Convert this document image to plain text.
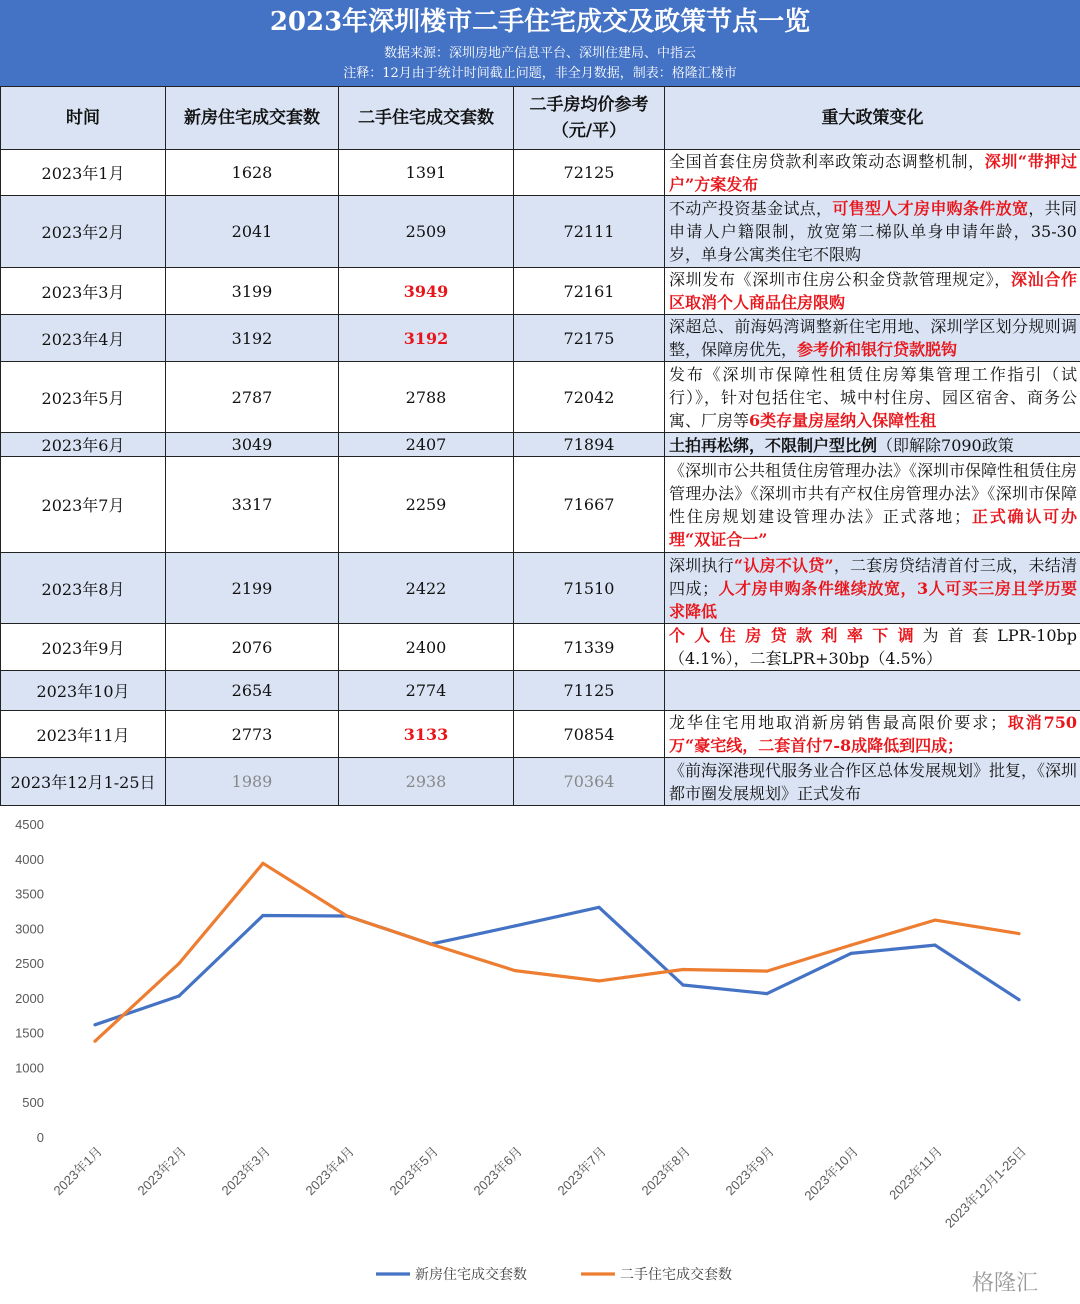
2023年深圳楼市二手住宅成交及政策节点一览
数据来源：深圳房地产信息平台、深圳住建局、中指云
注释：12月由于统计时间截止问题，非全月数据，制表：格隆汇楼市
时间	新房住宅成交套数	二手住宅成交套数	二手房均价参考（元/平）	重大政策变化
2023年1月	1628	1391	72125	全国首套住房贷款利率政策动态调整机制，深圳“带押过户”方案发布

2023年2月	2041	2509	72111	不动产投资基金试点，可售型人才房申购条件放宽，共同申请人户籍限制，放宽第二梯队单身申请年龄，35-30岁，单身公寓类住宅不限购

2023年3月	3199	3949	72161	深圳发布《深圳市住房公积金贷款管理规定》，深汕合作区取消个人商品住房限购

2023年4月	3192	3192	72175	深超总、前海妈湾调整新住宅用地、深圳学区划分规则调整，保障房优先，参考价和银行贷款脱钩

2023年5月	2787	2788	72042	发布《深圳市保障性租赁住房筹集管理工作指引（试行）》，针对包括住宅、城中村住房、园区宿舍、商务公寓、厂房等6类存量房屋纳入保障性租

2023年6月	3049	2407	71894	土拍再松绑，不限制户型比例（即解除7090政策

2023年7月	3317	2259	71667	《深圳市公共租赁住房管理办法》《深圳市保障性租赁住房管理办法》《深圳市共有产权住房管理办法》《深圳市保障性住房规划建设管理办法》正式落地；正式确认可办理“双证合一”

2023年8月	2199	2422	71510	深圳执行“认房不认贷”，二套房贷结清首付三成，未结清四成；人才房申购条件继续放宽，3人可买三房且学历要求降低

2023年9月	2076	2400	71339	个 人 住 房 贷 款 利 率 下 调 为 首 套 LPR-10bp（4.1%），二套LPR+30bp（4.5%）

2023年10月	2654	2774	71125	

2023年11月	2773	3133	70854	龙华住宅用地取消新房销售最高限价要求；取消750万“豪宅线，二套首付7-8成降低到四成；

2023年12月1-25日	1989	2938	70364	《前海深港现代服务业合作区总体发展规划》批复，《深圳都市圈发展规划》正式发布
0
500
1000
1500
2000
2500
3000
3500
4000
4500
2023年1月 2023年2月 2023年3月 2023年4月 2023年5月 2023年6月 2023年7月 2023年8月 2023年9月 2023年10月 2023年11月
2023年12月1-25日
新房住宅成交套数	二手住宅成交套数	格隆汇
